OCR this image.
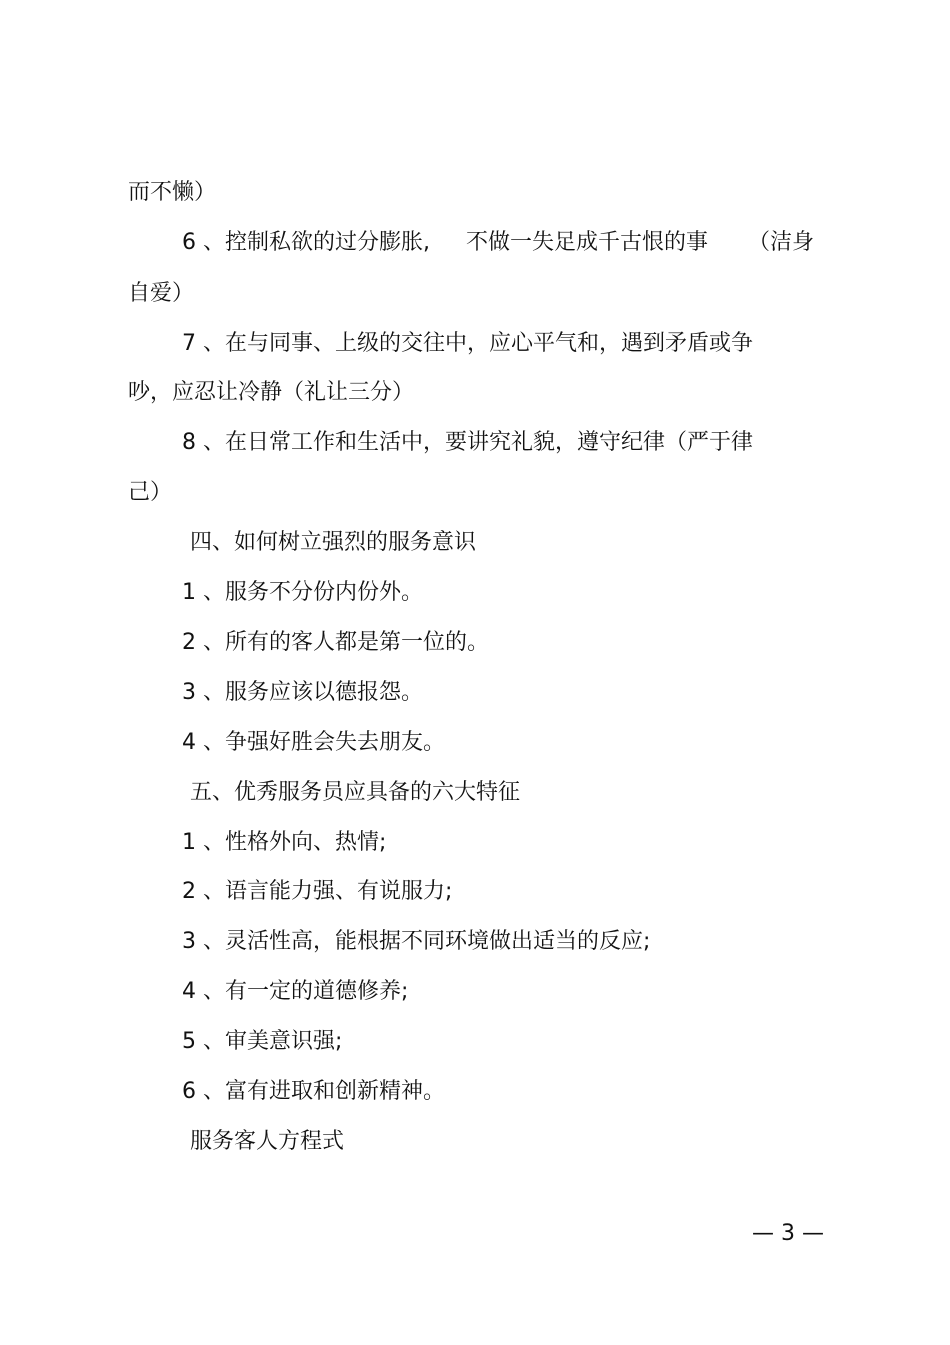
而不懒）
6 、控制私欲的过分膨胀, 不做一失足成千古恨的事 （洁身
自爱）
7 、在与同事、上级的交往中，应心平气和，遇到矛盾或争
吵，应忍让冷静（礼让三分）
8 、在日常工作和生活中，要讲究礼貌，遵守纪律（严于律
己）
四、如何树立强烈的服务意识
1 、服务不分份内份外。
2 、所有的客人都是第一位的。
3 、服务应该以德报怨。
4 、争强好胜会失去朋友。
五、优秀服务员应具备的六大特征
1 、性格外向、热情;
2 、语言能力强、有说服力;
3 、灵活性高，能根据不同环境做出适当的反应;
4 、有一定的道德修养;
5 、审美意识强;
6 、富有进取和创新精神。
服务客人方程式
— 3 —
